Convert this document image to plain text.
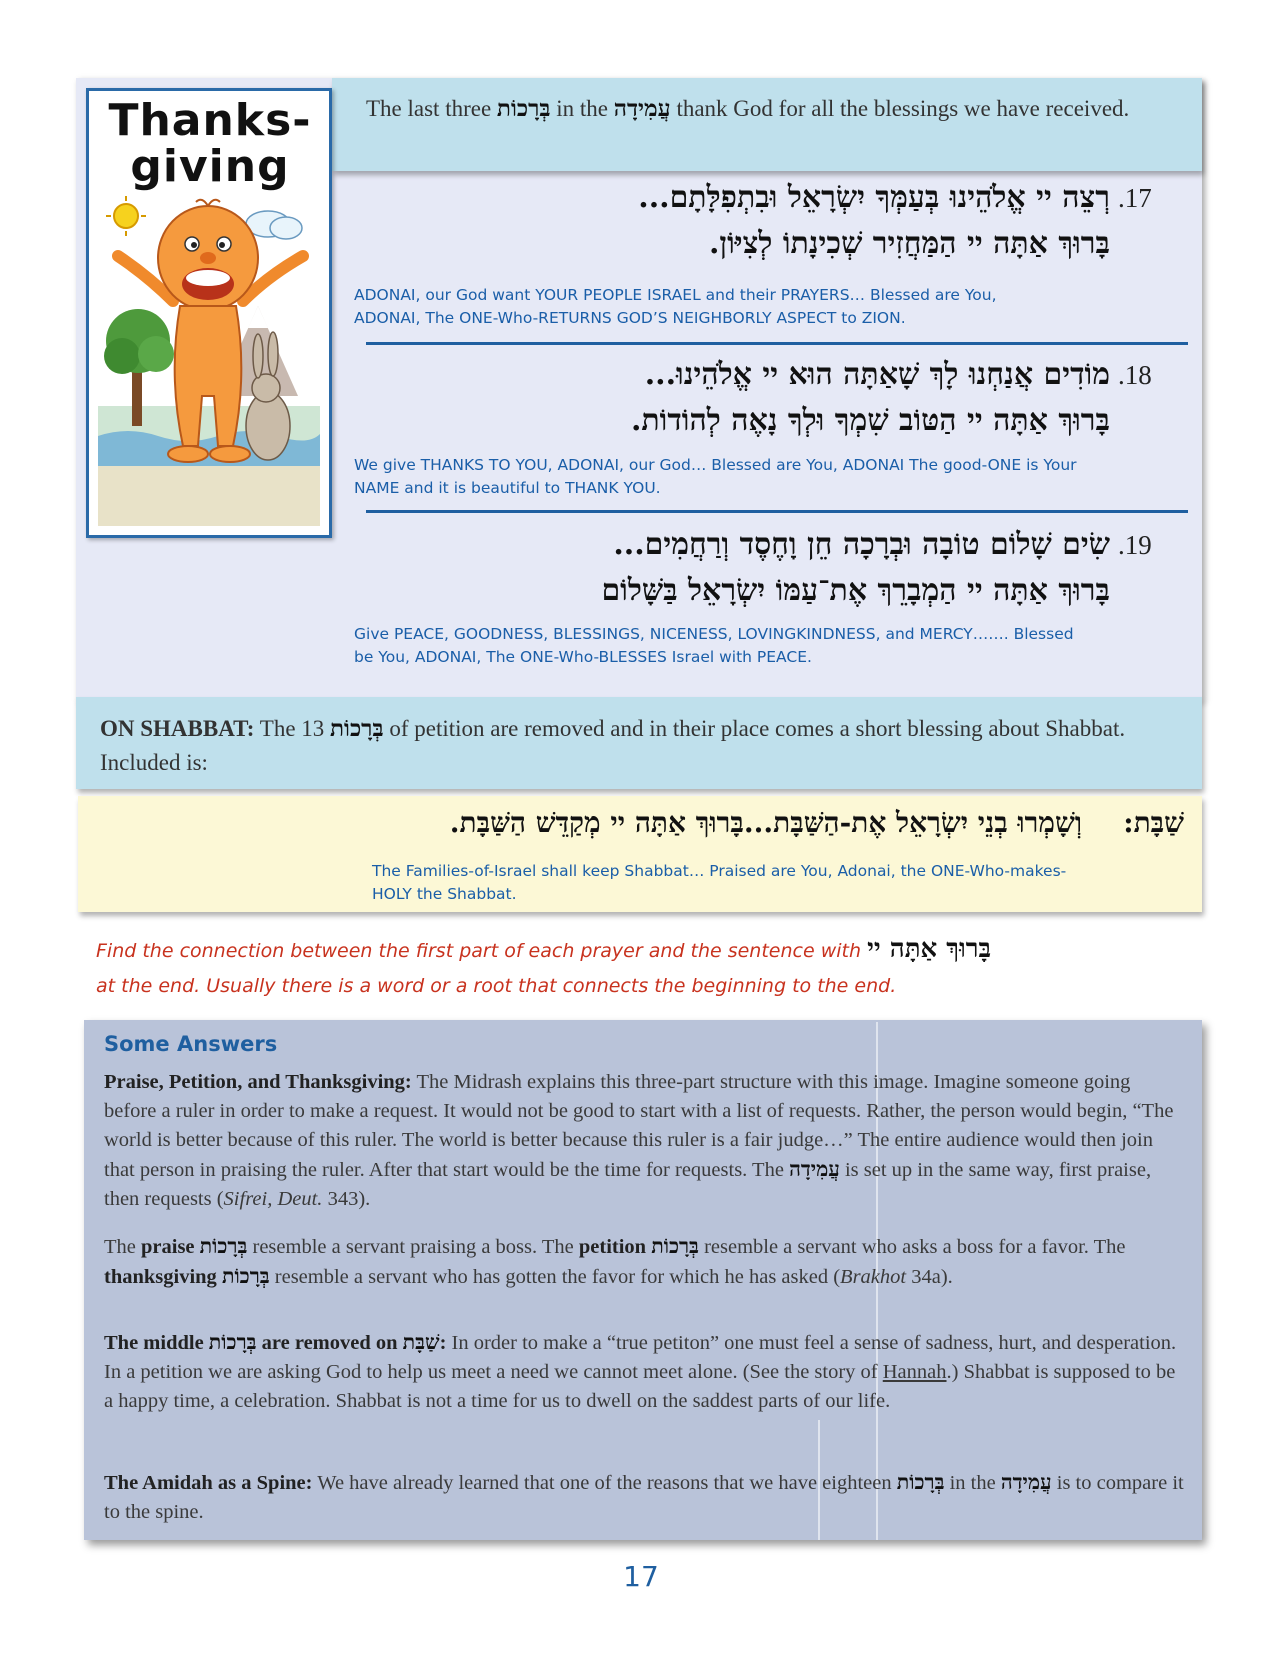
The last three בְּרָכוֹת in the עֲמִידָה thank God for all the blessings we have received.
Thanks-
giving
.17
רְצֵה יי אֱלֹהֵינוּ בְּעַמְּךָ יִשְׂרָאֵל וּבִתְפִלָּתָם...
בָּרוּךְ אַתָּה יי הַמַּחֲזִיר שְׁכִינָתוֹ לְצִיּוֹן.
ADONAI, our God want YOUR PEOPLE ISRAEL and their PRAYERS… Blessed are You, ADONAI, The ONE-Who-RETURNS GOD’S NEIGHBORLY ASPECT to ZION.
.18
מוֹדִים אֲנַחְנוּ לָךְ שָׁאַתָּה הוּא יי אֱלֹהֵינוּ...
בָּרוּךְ אַתָּה יי הַטּוֹב שִׁמְךָ וּלְךָ נָאֶה לְהוֹדוֹת.
We give THANKS TO YOU, ADONAI, our God… Blessed are You, ADONAI The good-ONE is Your NAME and it is beautiful to THANK YOU.
.19
שִׂים שָׁלוֹם טוֹבָה וּבְרָכָה חֵן וָחֶסֶד וְרַחֲמִים...
בָּרוּךְ אַתָּה יי הַמְבָרֵךְ אֶת־עַמּוֹ יִשְׂרָאֵל בַּשָּׁלוֹם
Give PEACE, GOODNESS, BLESSINGS, NICENESS, LOVINGKINDNESS, and MERCY……. Blessed be You, ADONAI, The ONE-Who-BLESSES Israel with PEACE.
ON SHABBAT: The 13 בְּרָכוֹת of petition are removed and in their place comes a short blessing about Shabbat. Included is:
שַׁבָּת:
וְשָׁמְרוּ בְנֵי יִשְׂרָאֵל אֶת-הַשַּׁבָּת...בָּרוּךְ אַתָּה יי מְקַדֵּשׁ הַשַּׁבָּת.
The Families-of-Israel shall keep Shabbat… Praised are You, Adonai, the ONE-Who-makes-HOLY the Shabbat.
Find the connection between the first part of each prayer and the sentence with בָּרוּךְ אַתָּה יי
at the end. Usually there is a word or a root that connects the beginning to the end.
Some Answers
Praise, Petition, and Thanksgiving: The Midrash explains this three-part structure with this image. Imagine someone going before a ruler in order to make a request. It would not be good to start with a list of requests. Rather, the person would begin, “The world is better because of this ruler. The world is better because this ruler is a fair judge…” The entire audience would then join that person in praising the ruler. After that start would be the time for requests. The עֲמִידָה is set up in the same way, first praise, then requests (Sifrei, Deut. 343).
The praise בְּרָכוֹת resemble a servant praising a boss. The petition בְּרָכוֹת resemble a servant who asks a boss for a favor. The thanksgiving בְּרָכוֹת resemble a servant who has gotten the favor for which he has asked (Brakhot 34a).
The middle בְּרָכוֹת are removed on שַׁבָּת: In order to make a “true petiton” one must feel a sense of sadness, hurt, and desperation. In a petition we are asking God to help us meet a need we cannot meet alone. (See the story of Hannah.) Shabbat is supposed to be a happy time, a celebration. Shabbat is not a time for us to dwell on the saddest parts of our life.
The Amidah as a Spine: We have already learned that one of the reasons that we have eighteen בְּרָכוֹת in the עֲמִידָה is to compare it to the spine.
17
